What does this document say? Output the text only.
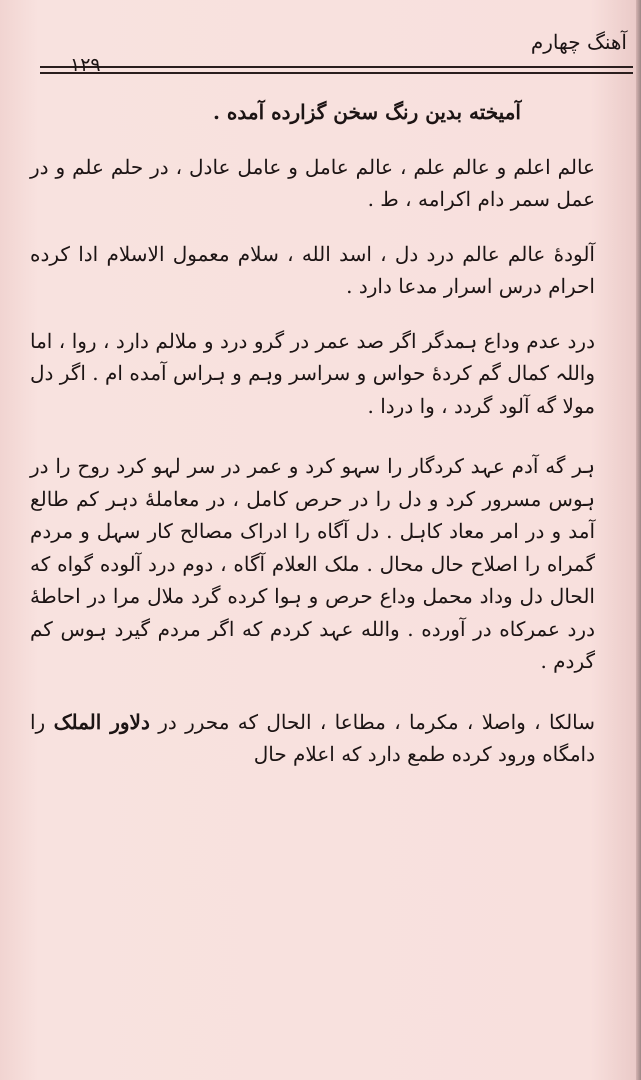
آهنگ چهارم
۱۲۹

آمیخته بدین رنگ سخن گزارده آمده .

عالم اعلم و عالم علم ، عالم عامل و عامل عادل ، در حلم علم و در عمل سمر دام اکرامه ، ط .

آلودهٔ عالم عالم درد دل ، اسد الله ، سلام معمول الاسلام ادا کرده احرام درس اسرار مدعا دارد .

درد عدم وداع ہمدگر اگر صد عمر در گرو درد و ملالم دارد ، روا ، اما واللہ کمال گم کردهٔ حواس و سراسر وہم و ہراس آمده ام . اگر دل مولا گه آلود گردد ، وا دردا .

ہر گه آدم عہد کردگار را سہو کرد و عمر در سر لہو کرد روح را در ہوس مسرور کرد و دل را در حرص کامل ، در معاملهٔ دہر کم طالع آمد و در امر معاد کاہل . دل آگاه را ادراک مصالح کار سہل و مردم گمراه را اصلاح حال محال . ملک العلام آگاه ، دوم درد آلوده گواه که الحال دل وداد محمل وداع حرص و ہوا کرده گرد ملال مرا در احاطهٔ درد عمرکاه در آورده . والله عہد کردم که اگر مردم گیرد ہوس کم گردم .

سالکا ، واصلا ، مکرما ، مطاعا ، الحال که محرر در دلاور الملک را دامگاه ورود کرده طمع دارد که اعلام حال
